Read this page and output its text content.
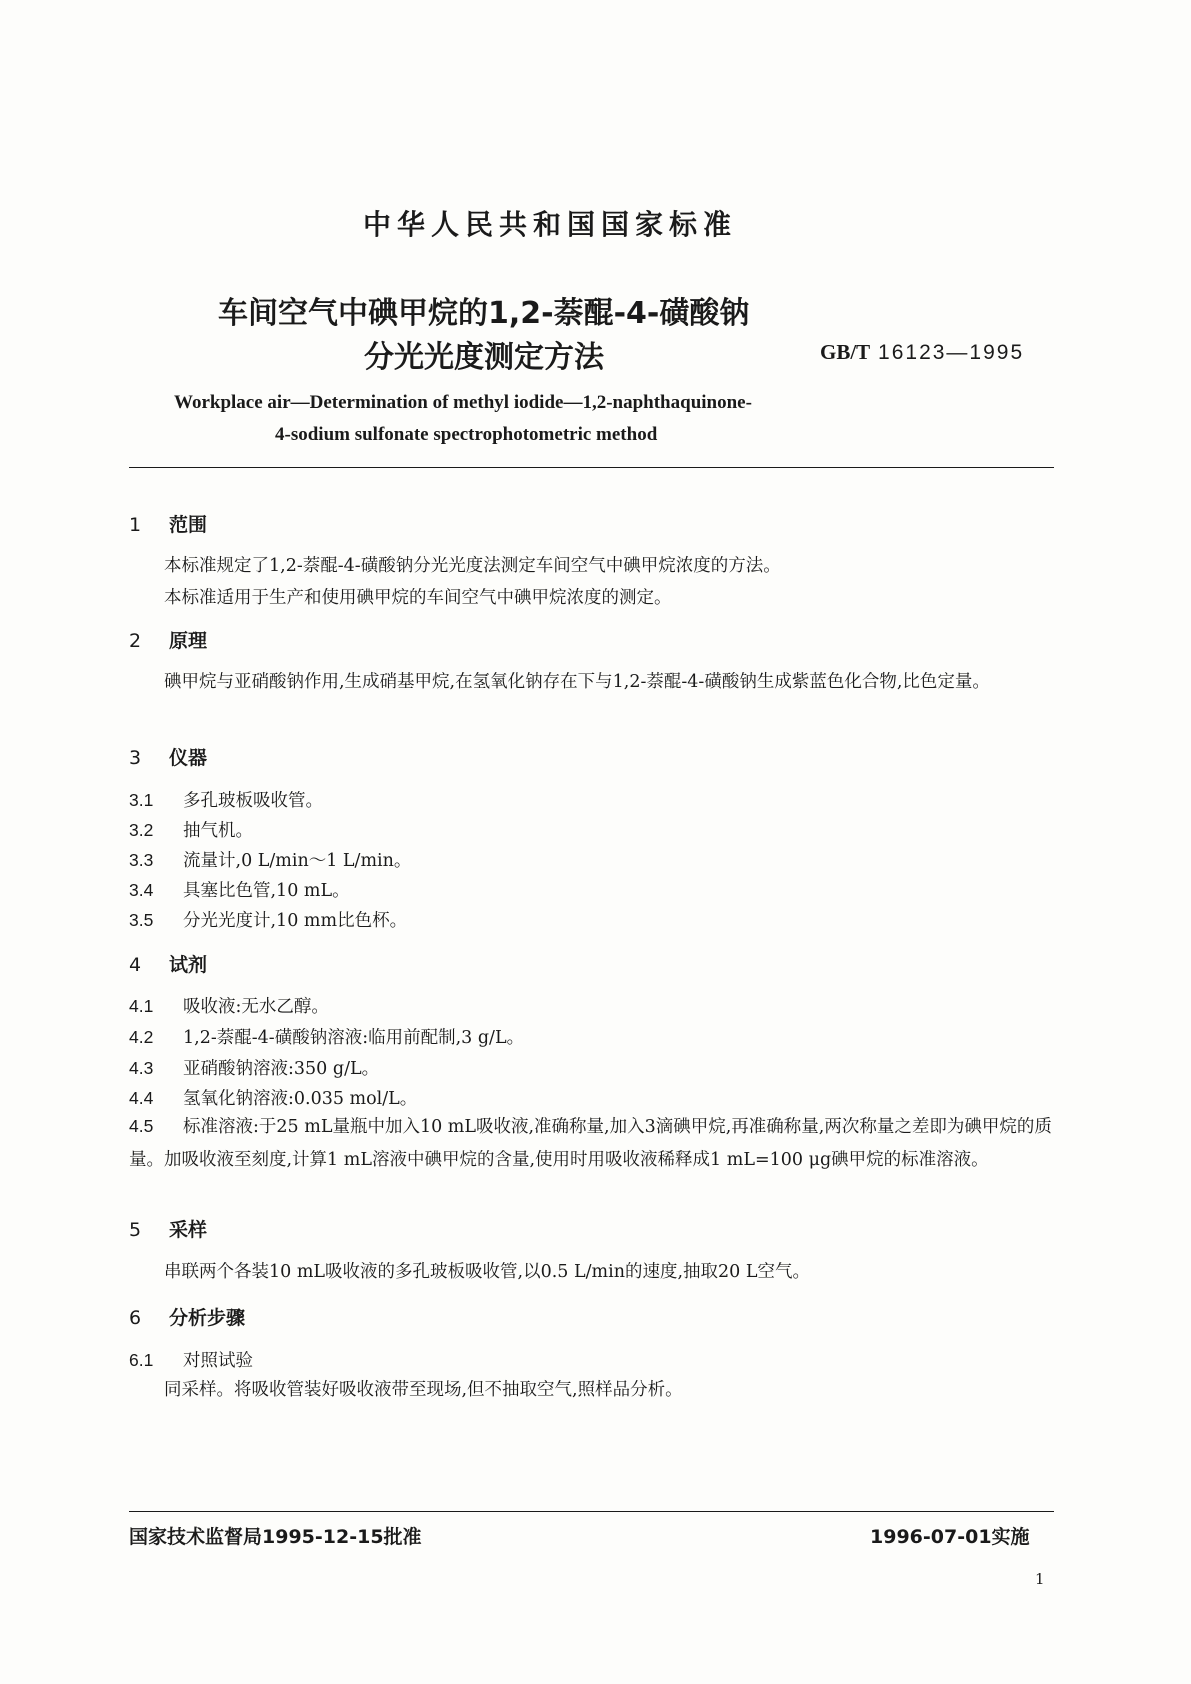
中华人民共和国国家标准
车间空气中碘甲烷的1,2-萘醌-4-磺酸钠
分光光度测定方法	GB/T 16123—1995
Workplace air—Determination of methyl iodide—1,2-naphthaquinone-
4-sodium sulfonate spectrophotometric method
1 范围
本标准规定了1,2-萘醌-4-磺酸钠分光光度法测定车间空气中碘甲烷浓度的方法。
本标准适用于生产和使用碘甲烷的车间空气中碘甲烷浓度的测定。
2 原理
碘甲烷与亚硝酸钠作用,生成硝基甲烷,在氢氧化钠存在下与1,2-萘醌-4-磺酸钠生成紫蓝色化合物,比色定量。
3 仪器
3.1 多孔玻板吸收管。
3.2 抽气机。
3.3 流量计,0 L/min～1 L/min。
3.4 具塞比色管,10 mL。
3.5 分光光度计,10 mm比色杯。
4 试剂
4.1 吸收液:无水乙醇。
4.2 1,2-萘醌-4-磺酸钠溶液:临用前配制,3 g/L。
4.3 亚硝酸钠溶液:350 g/L。
4.4 氢氧化钠溶液:0.035 mol/L。
4.5 标准溶液:于25 mL量瓶中加入10 mL吸收液,准确称量,加入3滴碘甲烷,再准确称量,两次称量之差即为碘甲烷的质量。加吸收液至刻度,计算1 mL溶液中碘甲烷的含量,使用时用吸收液稀释成1 mL=100 μg碘甲烷的标准溶液。
5 采样
串联两个各装10 mL吸收液的多孔玻板吸收管,以0.5 L/min的速度,抽取20 L空气。
6 分析步骤
6.1 对照试验
同采样。将吸收管装好吸收液带至现场,但不抽取空气,照样品分析。
国家技术监督局1995-12-15批准	1996-07-01实施
1
